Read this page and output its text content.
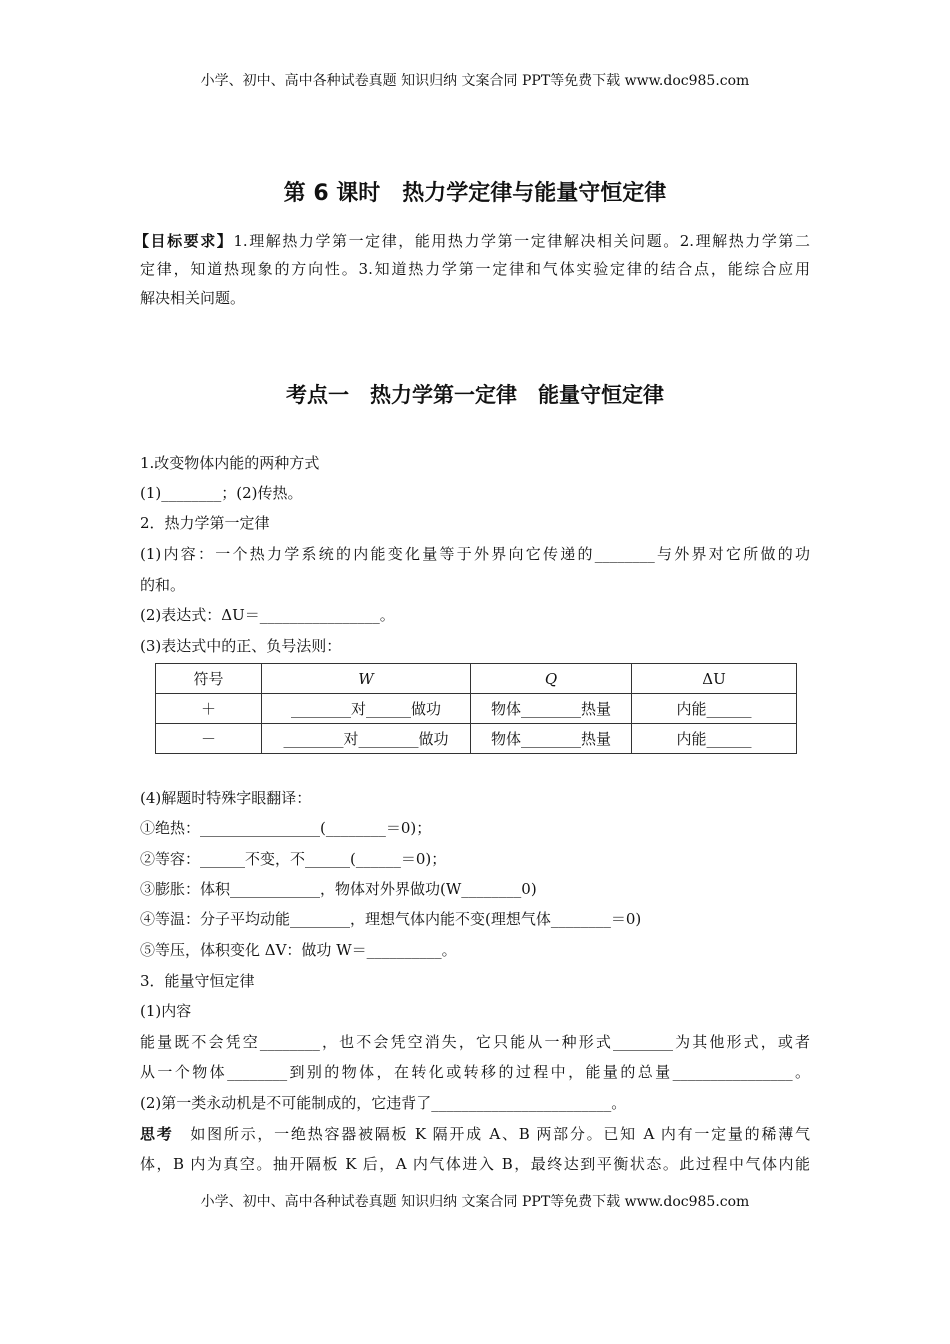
小学、初中、高中各种试卷真题 知识归纳 文案合同 PPT等免费下载 www.doc985.com
第 6 课时　热力学定律与能量守恒定律
【目标要求】1.理解热力学第一定律，能用热力学第一定律解决相关问题。2.理解热力学第二
定律，知道热现象的方向性。3.知道热力学第一定律和气体实验定律的结合点，能综合应用
解决相关问题。
考点一　热力学第一定律　能量守恒定律
1.改变物体内能的两种方式
(1)________；(2)传热。
2．热力学第一定律
(1)内容：一个热力学系统的内能变化量等于外界向它传递的________与外界对它所做的功
的和。
(2)表达式：ΔU＝________________。
(3)表达式中的正、负号法则：
符号	W	Q	ΔU
＋	________对______做功	物体________热量	内能______
－	________对________做功	物体________热量	内能______
(4)解题时特殊字眼翻译：
①绝热：________________(________＝0)；
②等容：______不变，不______(______＝0)；
③膨胀：体积____________，物体对外界做功(W________0)
④等温：分子平均动能________，理想气体内能不变(理想气体________＝0)
⑤等压，体积变化 ΔV：做功 W＝__________。
3．能量守恒定律
(1)内容
能量既不会凭空________，也不会凭空消失，它只能从一种形式________为其他形式，或者
从一个物体________到别的物体，在转化或转移的过程中，能量的总量________________。
(2)第一类永动机是不可能制成的，它违背了________________________。
思考　 如图所示，一绝热容器被隔板 K 隔开成 A、B 两部分。已知 A 内有一定量的稀薄气
体，B 内为真空。抽开隔板 K 后，A 内气体进入 B，最终达到平衡状态。此过程中气体内能
小学、初中、高中各种试卷真题 知识归纳 文案合同 PPT等免费下载 www.doc985.com
